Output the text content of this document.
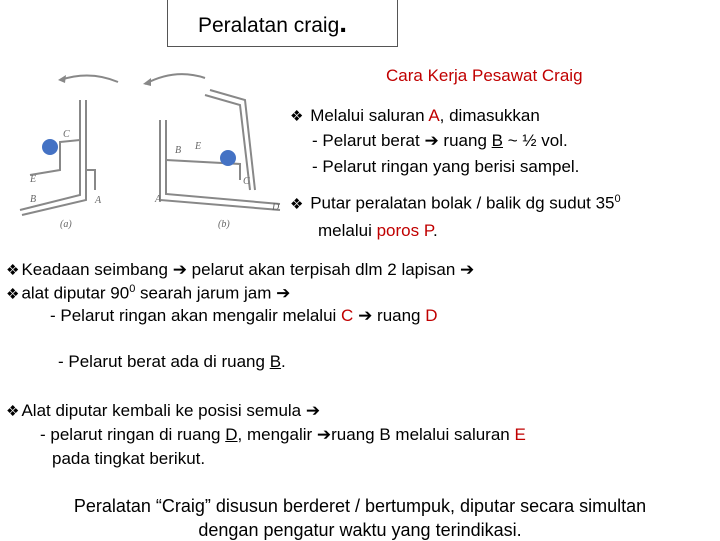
Peralatan craig.
C
E
A
B
E
B
C
A
D
(a)	(b)
Cara Kerja Pesawat Craig
❖ Melalui saluran A, dimasukkan
- Pelarut berat ➔ ruang B ~ ½ vol.
- Pelarut ringan yang berisi sampel.
❖ Putar peralatan bolak / balik dg sudut $35^0$
melalui poros P.
❖ Keadaan seimbang ➔ pelarut akan terpisah dlm 2 lapisan ➔
❖ alat diputar $90^0$ searah jarum jam ➔
- Pelarut ringan akan mengalir melalui C ➔ ruang D
- Pelarut berat ada di ruang B.
❖ Alat diputar kembali ke posisi semula ➔
- pelarut ringan di ruang D, mengalir ➔ruang B melalui saluran E
pada tingkat berikut.
Peralatan “Craig” disusun berderet / bertumpuk, diputar secara simultan
dengan pengatur waktu yang terindikasi.
